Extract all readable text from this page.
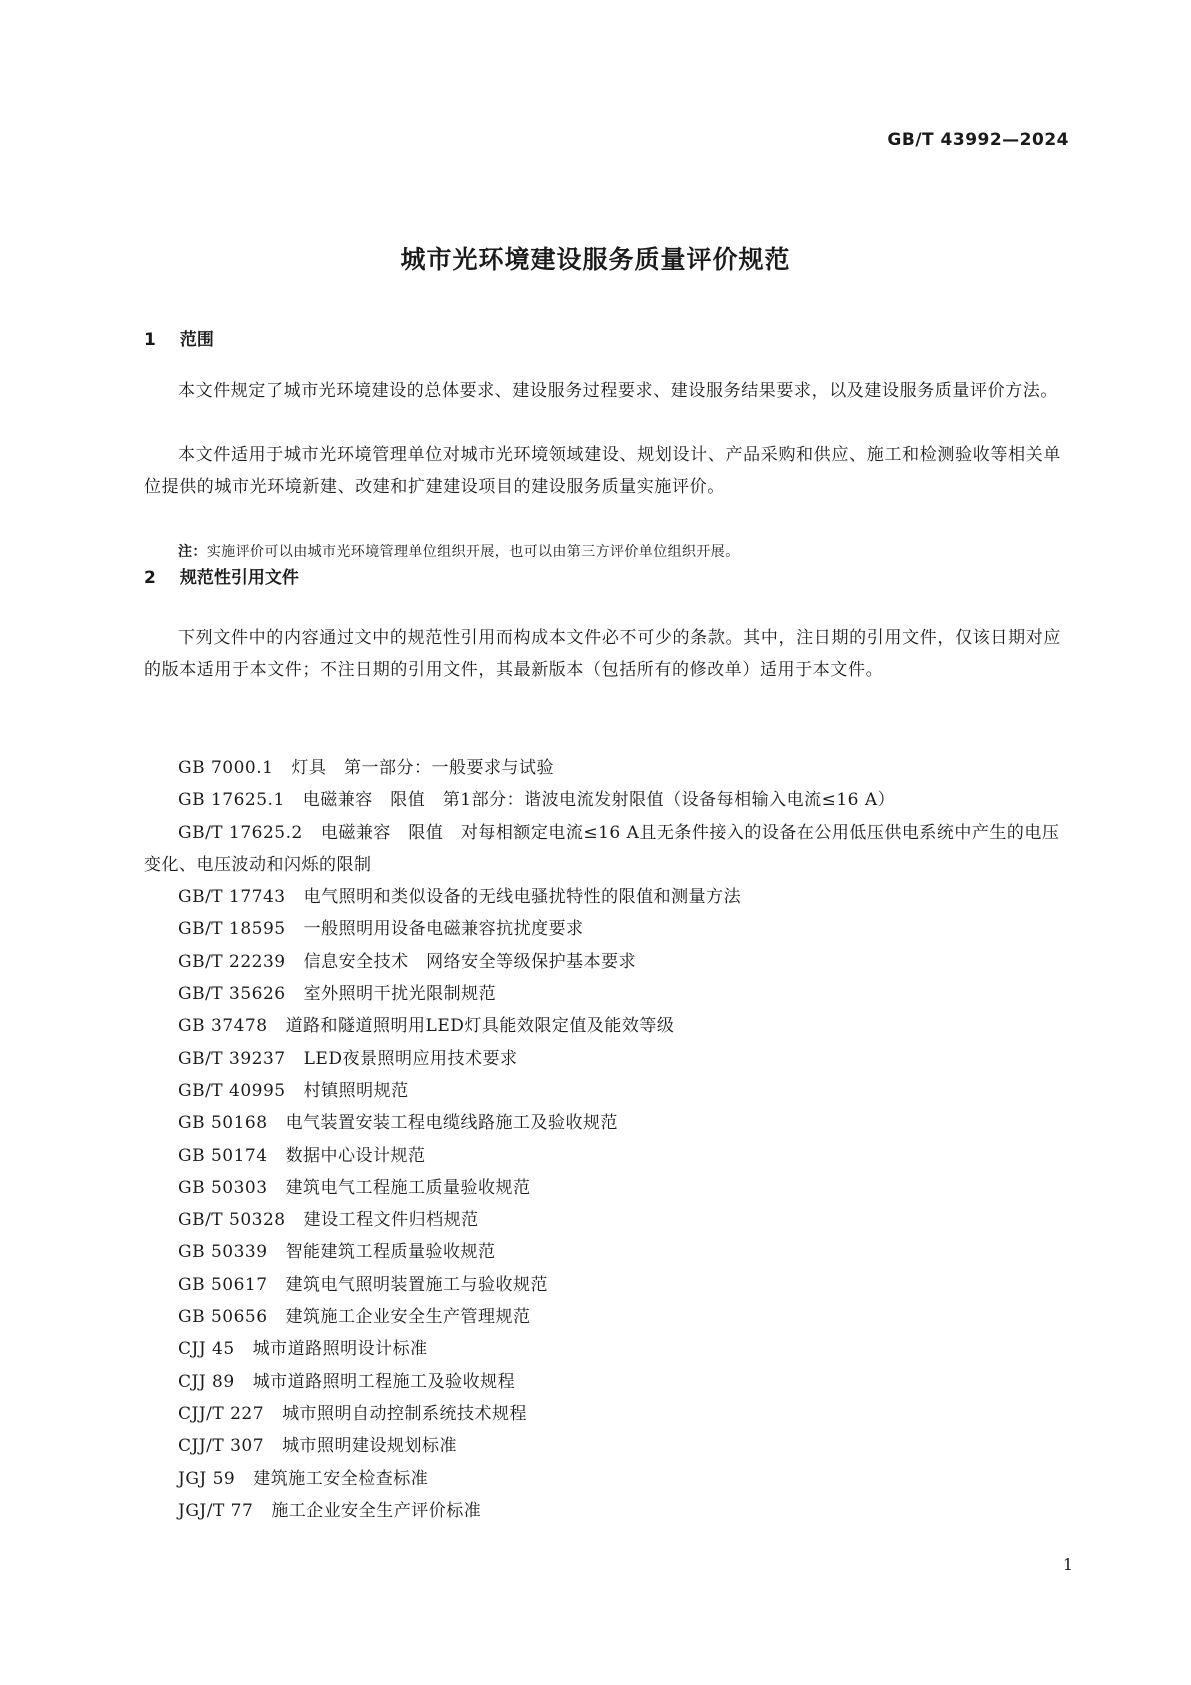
GB/T 43992—2024
城市光环境建设服务质量评价规范
1 范围
本文件规定了城市光环境建设的总体要求、建设服务过程要求、建设服务结果要求，以及建设服务质量评价方法。
本文件适用于城市光环境管理单位对城市光环境领域建设、规划设计、产品采购和供应、施工和检测验收等相关单位提供的城市光环境新建、改建和扩建建设项目的建设服务质量实施评价。
注：实施评价可以由城市光环境管理单位组织开展，也可以由第三方评价单位组织开展。
2 规范性引用文件
下列文件中的内容通过文中的规范性引用而构成本文件必不可少的条款。其中，注日期的引用文件，仅该日期对应的版本适用于本文件；不注日期的引用文件，其最新版本（包括所有的修改单）适用于本文件。
GB 7000.1 灯具　第一部分：一般要求与试验
GB 17625.1 电磁兼容　限值　第1部分：谐波电流发射限值（设备每相输入电流≤16 A）
GB/T 17625.2 电磁兼容　限值　对每相额定电流≤16 A且无条件接入的设备在公用低压供电系统中产生的电压变化、电压波动和闪烁的限制
GB/T 17743 电气照明和类似设备的无线电骚扰特性的限值和测量方法
GB/T 18595 一般照明用设备电磁兼容抗扰度要求
GB/T 22239 信息安全技术　网络安全等级保护基本要求
GB/T 35626 室外照明干扰光限制规范
GB 37478 道路和隧道照明用LED灯具能效限定值及能效等级
GB/T 39237 LED夜景照明应用技术要求
GB/T 40995 村镇照明规范
GB 50168 电气装置安装工程电缆线路施工及验收规范
GB 50174 数据中心设计规范
GB 50303 建筑电气工程施工质量验收规范
GB/T 50328 建设工程文件归档规范
GB 50339 智能建筑工程质量验收规范
GB 50617 建筑电气照明装置施工与验收规范
GB 50656 建筑施工企业安全生产管理规范
CJJ 45 城市道路照明设计标准
CJJ 89 城市道路照明工程施工及验收规程
CJJ/T 227 城市照明自动控制系统技术规程
CJJ/T 307 城市照明建设规划标准
JGJ 59 建筑施工安全检查标准
JGJ/T 77 施工企业安全生产评价标准
1
